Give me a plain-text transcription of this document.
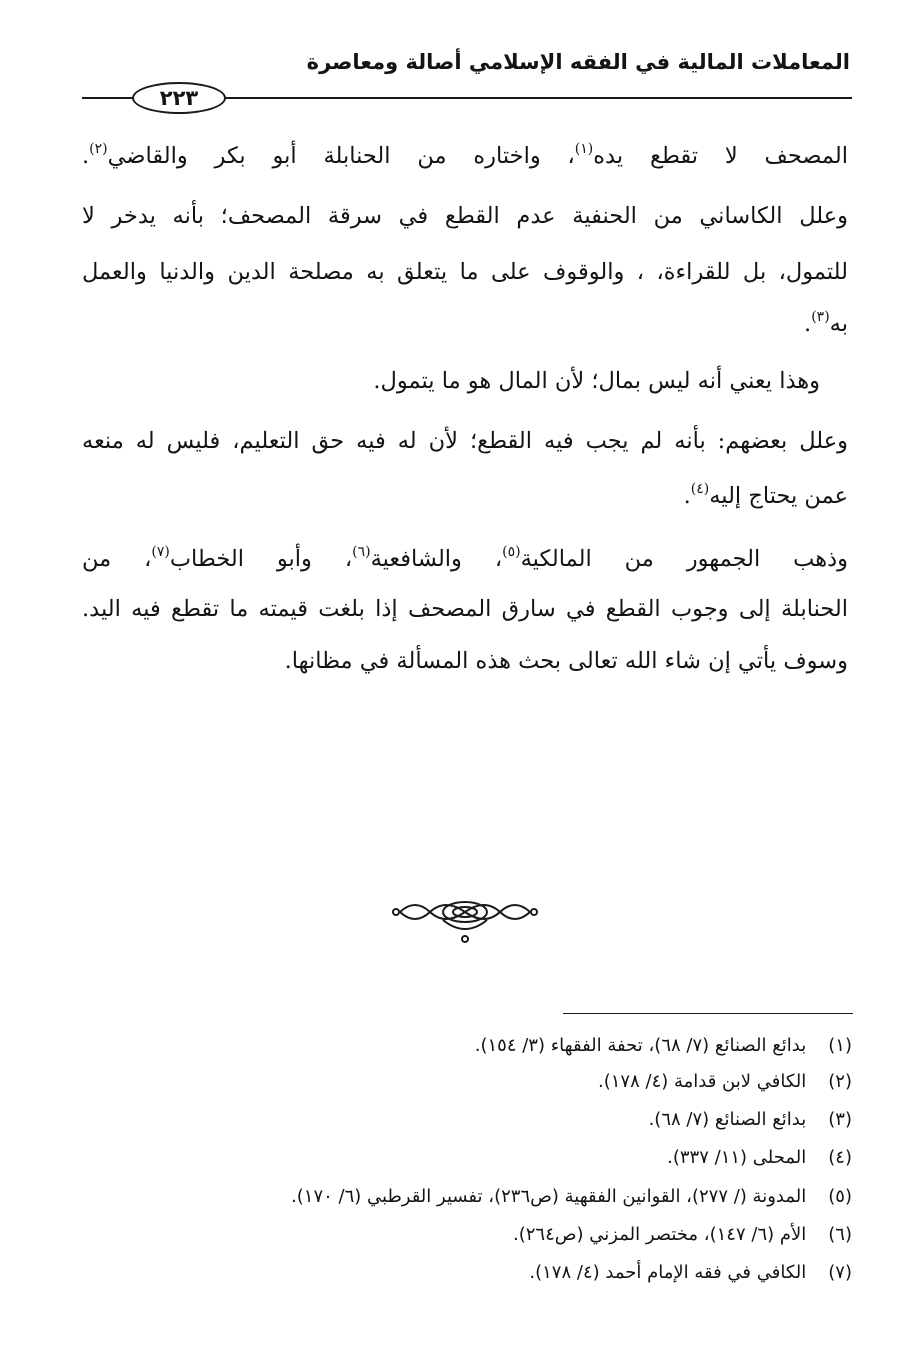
المعاملات المالية في الفقه الإسلامي أصالة ومعاصرة
٢٢٣
المصحف لا تقطع يده$^{(١)}$، واختاره من الحنابلة أبو بكر والقاضي$^{(٢)}$.
وعلل الكاساني من الحنفية عدم القطع في سرقة المصحف؛ بأنه يدخر لا
للتمول، بل للقراءة، ، والوقوف على ما يتعلق به مصلحة الدين والدنيا والعمل
به$^{(٣)}$.
وهذا يعني أنه ليس بمال؛ لأن المال هو ما يتمول.
وعلل بعضهم: بأنه لم يجب فيه القطع؛ لأن له فيه حق التعليم، فليس له منعه
عمن يحتاج إليه$^{(٤)}$.
وذهب الجمهور من المالكية$^{(٥)}$، والشافعية$^{(٦)}$، وأبو الخطاب$^{(٧)}$، من
الحنابلة إلى وجوب القطع في سارق المصحف إذا بلغت قيمته ما تقطع فيه اليد.
وسوف يأتي إن شاء الله تعالى بحث هذه المسألة في مظانها.
(١) بدائع الصنائع (٧/ ٦٨)، تحفة الفقهاء (٣/ ١٥٤).
(٢) الكافي لابن قدامة (٤/ ١٧٨).
(٣) بدائع الصنائع (٧/ ٦٨).
(٤) المحلى (١١/ ٣٣٧).
(٥) المدونة (/ ٢٧٧)، القوانين الفقهية (ص٢٣٦)، تفسير القرطبي (٦/ ١٧٠).
(٦) الأم (٦/ ١٤٧)، مختصر المزني (ص٢٦٤).
(٧) الكافي في فقه الإمام أحمد (٤/ ١٧٨).
